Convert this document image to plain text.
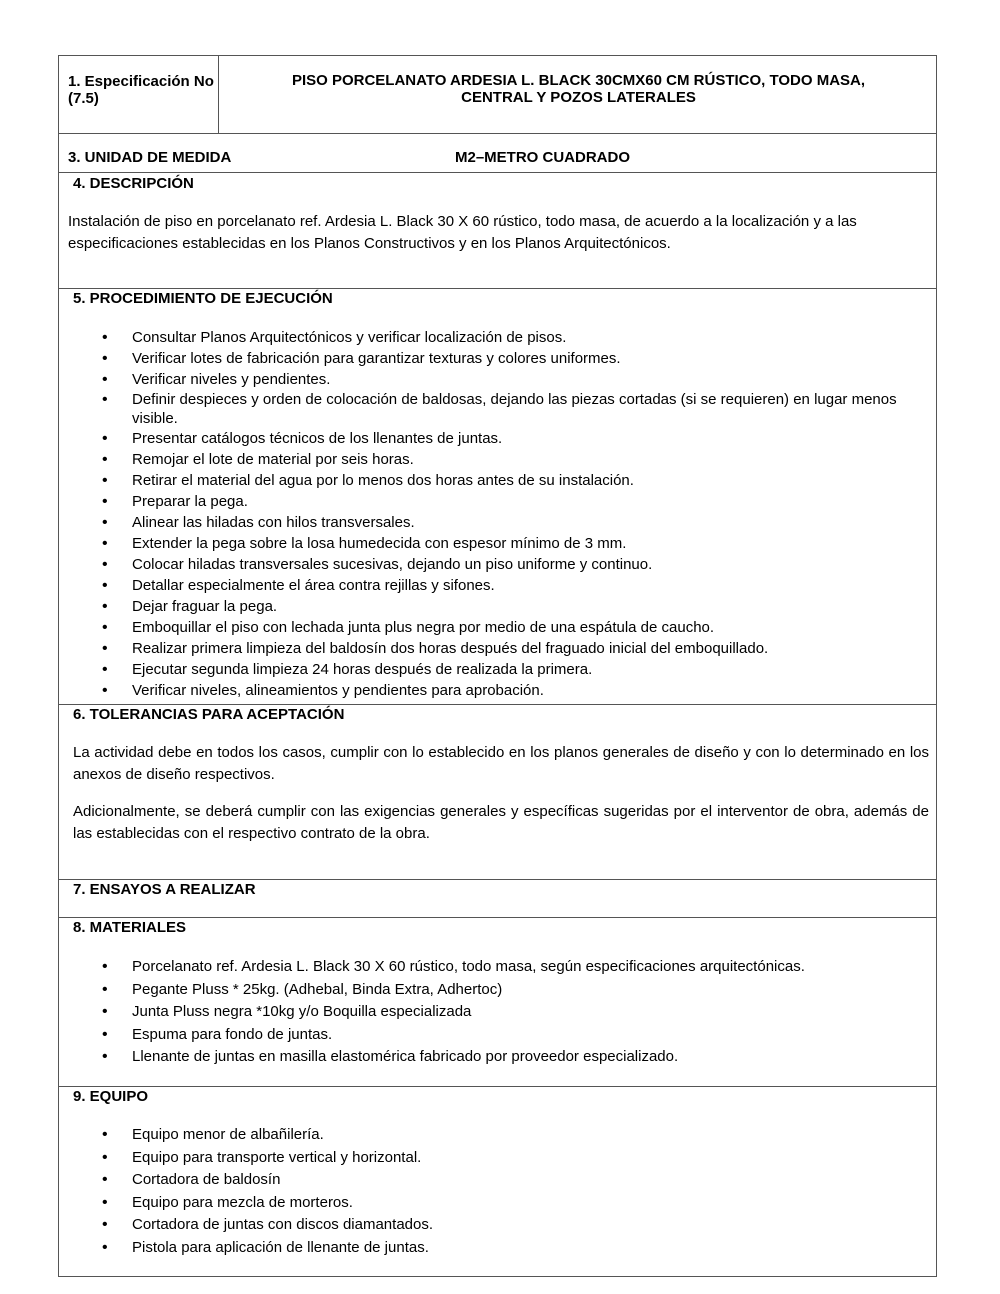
1. Especificación No (7.5)
PISO PORCELANATO ARDESIA L. BLACK 30CMX60 CM RÚSTICO, TODO MASA,
CENTRAL Y POZOS LATERALES
3. UNIDAD DE MEDIDA	M2–METRO CUADRADO
4. DESCRIPCIÓN
Instalación de piso en porcelanato ref. Ardesia L. Black 30 X 60 rústico, todo masa, de acuerdo a la localización y a las
especificaciones establecidas en los Planos Constructivos y en los Planos Arquitectónicos.
5. PROCEDIMIENTO DE EJECUCIÓN
• Consultar Planos Arquitectónicos y verificar localización de pisos.
• Verificar lotes de fabricación para garantizar texturas y colores uniformes.
• Verificar niveles y pendientes.
• Definir despieces y orden de colocación de baldosas, dejando las piezas cortadas (si se requieren) en lugar menos visible.
• Presentar catálogos técnicos de los llenantes de juntas.
• Remojar el lote de material por seis horas.
• Retirar el material del agua por lo menos dos horas antes de su instalación.
• Preparar la pega.
• Alinear las hiladas con hilos transversales.
• Extender la pega sobre la losa humedecida con espesor mínimo de 3 mm.
• Colocar hiladas transversales sucesivas, dejando un piso uniforme y continuo.
• Detallar especialmente el área contra rejillas y sifones.
• Dejar fraguar la pega.
• Emboquillar el piso con lechada junta plus negra por medio de una espátula de caucho.
• Realizar primera limpieza del baldosín dos horas después del fraguado inicial del emboquillado.
• Ejecutar segunda limpieza 24 horas después de realizada la primera.
• Verificar niveles, alineamientos y pendientes para aprobación.
6. TOLERANCIAS PARA ACEPTACIÓN
La actividad debe en todos los casos, cumplir con lo establecido en los planos generales de diseño y con lo determinado en los anexos de diseño respectivos.
Adicionalmente, se deberá cumplir con las exigencias generales y específicas sugeridas por el interventor de obra, además de las establecidas con el respectivo contrato de la obra.
7. ENSAYOS A REALIZAR
8. MATERIALES
• Porcelanato ref. Ardesia L. Black 30 X 60 rústico, todo masa, según especificaciones arquitectónicas.
• Pegante Pluss * 25kg. (Adhebal, Binda Extra, Adhertoc)
• Junta Pluss negra *10kg y/o Boquilla especializada
• Espuma para fondo de juntas.
• Llenante de juntas en masilla elastomérica fabricado por proveedor especializado.
9. EQUIPO
• Equipo menor de albañilería.
• Equipo para transporte vertical y horizontal.
• Cortadora de baldosín
• Equipo para mezcla de morteros.
• Cortadora de juntas con discos diamantados.
• Pistola para aplicación de llenante de juntas.
